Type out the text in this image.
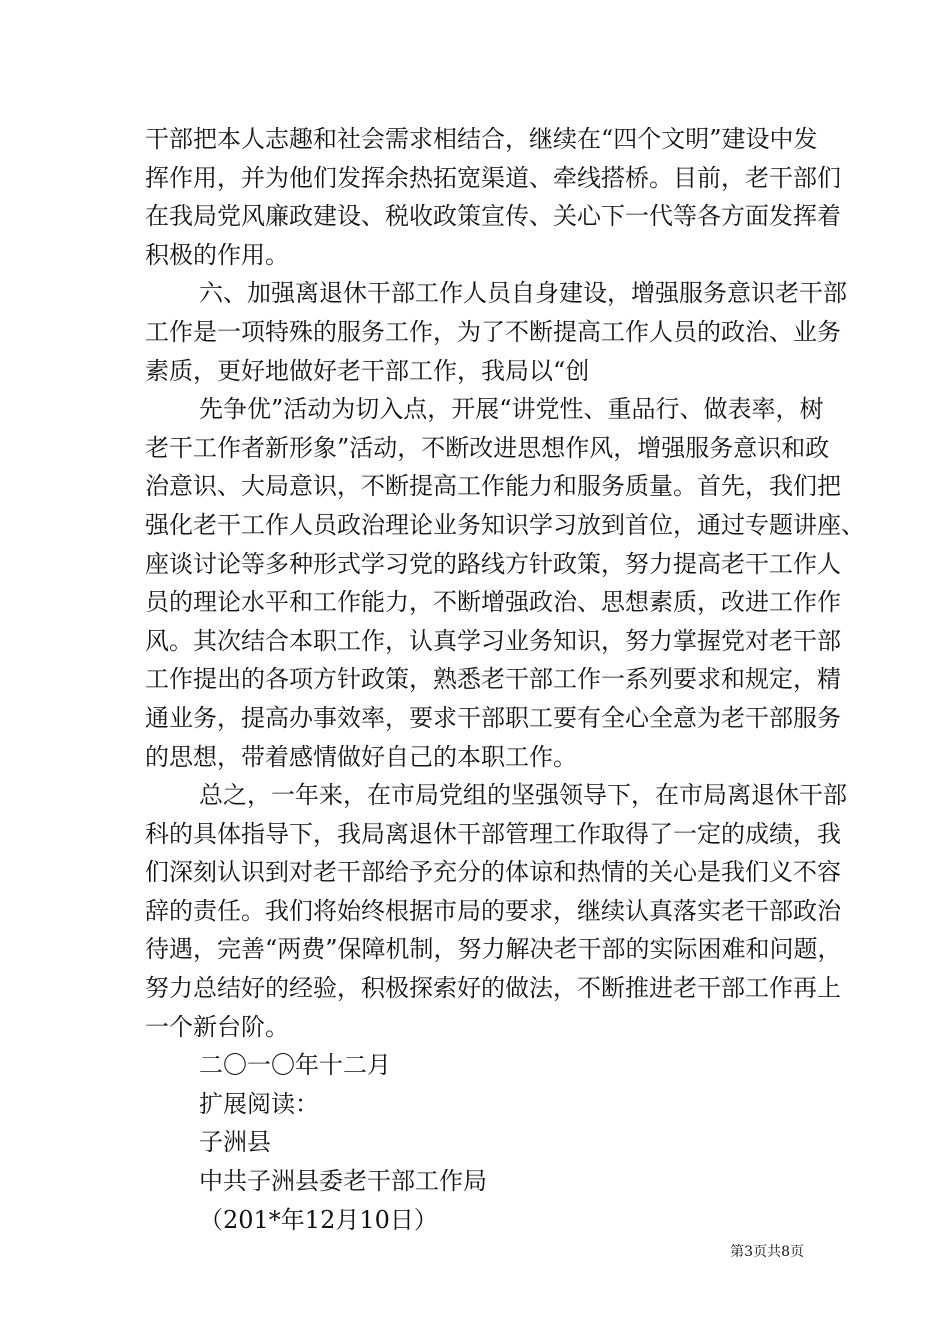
干部把本人志趣和社会需求相结合，继续在“四个文明”建设中发
挥作用，并为他们发挥余热拓宽渠道、牵线搭桥。目前，老干部们
在我局党风廉政建设、税收政策宣传、关心下一代等各方面发挥着
积极的作用。
六、加强离退休干部工作人员自身建设，增强服务意识老干部
工作是一项特殊的服务工作，为了不断提高工作人员的政治、业务
素质，更好地做好老干部工作，我局以“创
先争优”活动为切入点，开展“讲党性、重品行、做表率，树
老干工作者新形象”活动，不断改进思想作风，增强服务意识和政
治意识、大局意识，不断提高工作能力和服务质量。首先，我们把
强化老干工作人员政治理论业务知识学习放到首位，通过专题讲座、
座谈讨论等多种形式学习党的路线方针政策，努力提高老干工作人
员的理论水平和工作能力，不断增强政治、思想素质，改进工作作
风。其次结合本职工作，认真学习业务知识，努力掌握党对老干部
工作提出的各项方针政策，熟悉老干部工作一系列要求和规定，精
通业务，提高办事效率，要求干部职工要有全心全意为老干部服务
的思想，带着感情做好自己的本职工作。
总之，一年来，在市局党组的坚强领导下，在市局离退休干部
科的具体指导下，我局离退休干部管理工作取得了一定的成绩，我
们深刻认识到对老干部给予充分的体谅和热情的关心是我们义不容
辞的责任。我们将始终根据市局的要求，继续认真落实老干部政治
待遇，完善“两费”保障机制，努力解决老干部的实际困难和问题，
努力总结好的经验，积极探索好的做法，不断推进老干部工作再上
一个新台阶。
二〇一〇年十二月
扩展阅读：
子洲县
中共子洲县委老干部工作局
（201*年12月10日）
第3页共8页
